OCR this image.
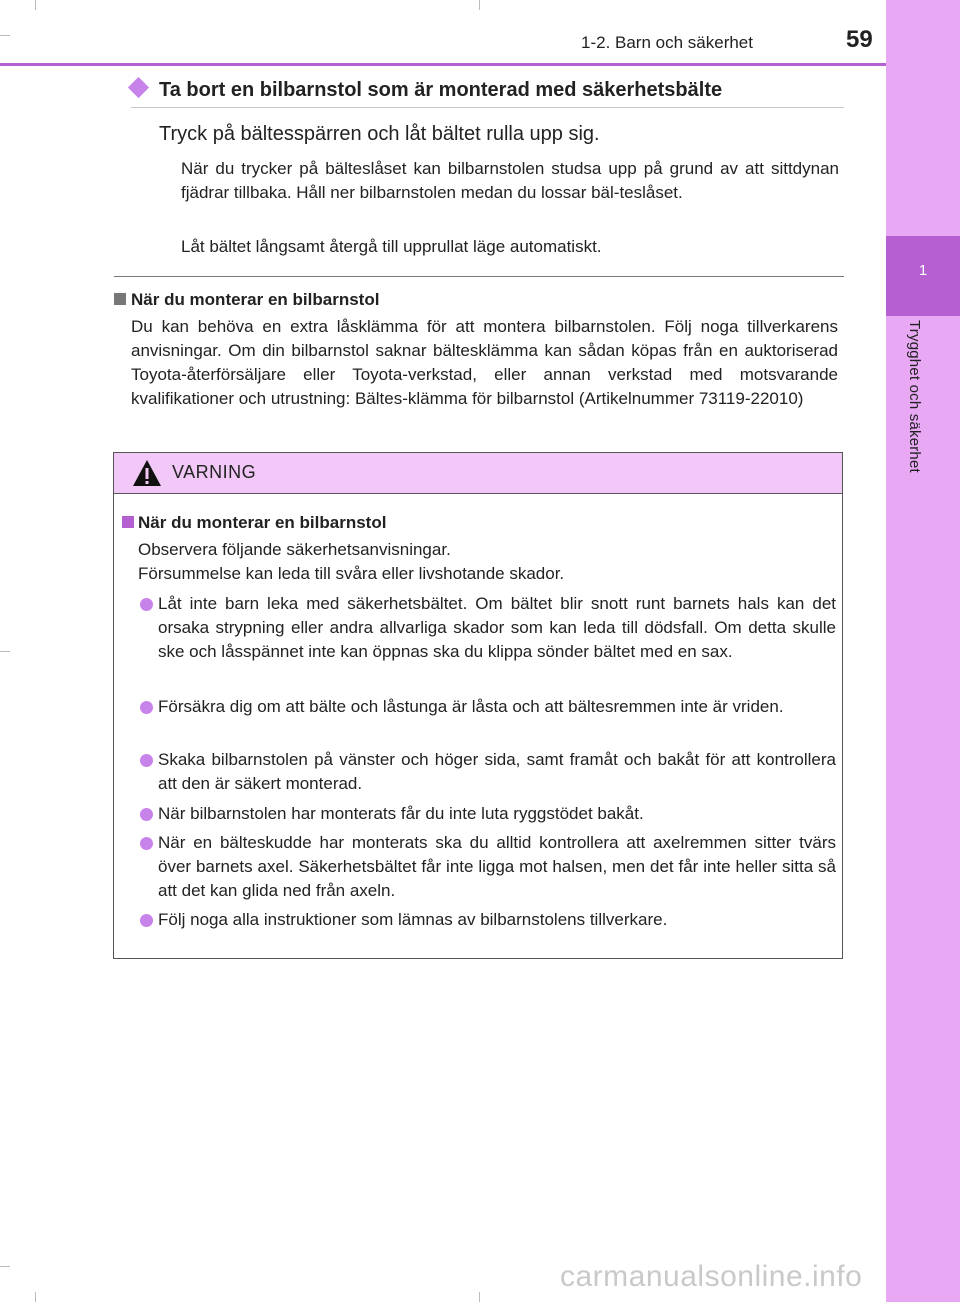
1
Trygghet och säkerhet
1-2. Barn och säkerhet	59
Ta bort en bilbarnstol som är monterad med säkerhetsbälte
Tryck på bältesspärren och låt bältet rulla upp sig.
När du trycker på bälteslåset kan bilbarnstolen studsa upp på grund av att sittdynan fjädrar tillbaka. Håll ner bilbarnstolen medan du lossar bäl-teslåset.
Låt bältet långsamt återgå till upprullat läge automatiskt.
När du monterar en bilbarnstol
Du kan behöva en extra låsklämma för att montera bilbarnstolen. Följ noga tillverkarens anvisningar. Om din bilbarnstol saknar bältesklämma kan sådan köpas från en auktoriserad Toyota-återförsäljare eller Toyota-verkstad, eller annan verkstad med motsvarande kvalifikationer och utrustning: Bältes-klämma för bilbarnstol (Artikelnummer 73119-22010)
VARNING
När du monterar en bilbarnstol
Observera följande säkerhetsanvisningar.
Försummelse kan leda till svåra eller livshotande skador.
Låt inte barn leka med säkerhetsbältet. Om bältet blir snott runt barnets hals kan det orsaka strypning eller andra allvarliga skador som kan leda till dödsfall. Om detta skulle ske och låsspännet inte kan öppnas ska du klippa sönder bältet med en sax.
Försäkra dig om att bälte och låstunga är låsta och att bältesremmen inte är vriden.
Skaka bilbarnstolen på vänster och höger sida, samt framåt och bakåt för att kontrollera att den är säkert monterad.
När bilbarnstolen har monterats får du inte luta ryggstödet bakåt.
När en bälteskudde har monterats ska du alltid kontrollera att axelremmen sitter tvärs över barnets axel. Säkerhetsbältet får inte ligga mot halsen, men det får inte heller sitta så att det kan glida ned från axeln.
Följ noga alla instruktioner som lämnas av bilbarnstolens tillverkare.
carmanualsonline.info
